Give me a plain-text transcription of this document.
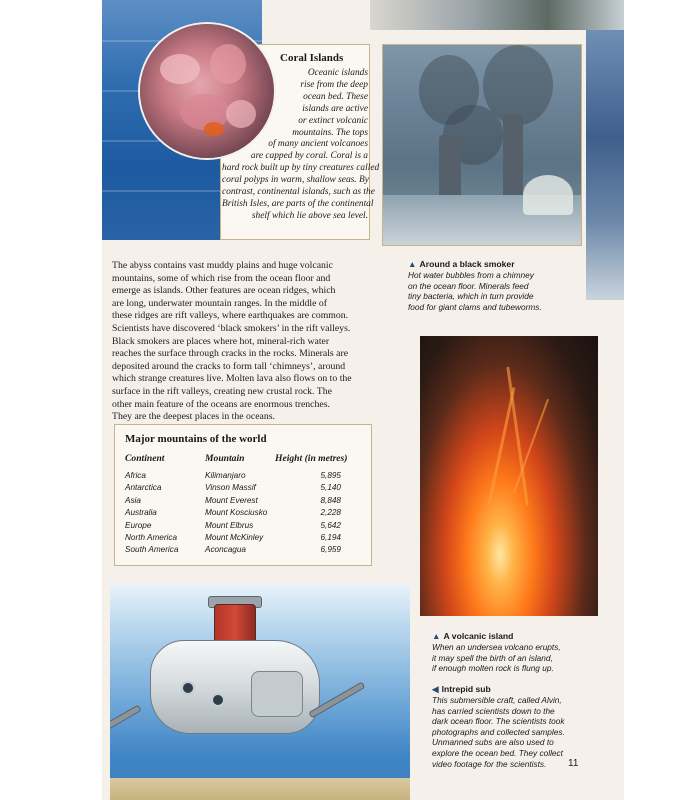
Coral Islands
Oceanic islands
rise from the deep
ocean bed. These
islands are active
or extinct volcanic
mountains. The tops
of many ancient volcanoes
are capped by coral. Coral is a
hard rock built up by tiny creatures called
coral polyps in warm, shallow seas. By
contrast, continental islands, such as the
British Isles, are parts of the continental
shelf which lie above sea level.
▲ Around a black smoker
Hot water bubbles from a chimney
on the ocean floor. Minerals feed
tiny bacteria, which in turn provide
food for giant clams and tubeworms.
The abyss contains vast muddy plains and huge volcanic
mountains, some of which rise from the ocean floor and
emerge as islands. Other features are ocean ridges, which
are long, underwater mountain ranges. In the middle of
these ridges are rift valleys, where earthquakes are common.
Scientists have discovered ‘black smokers’ in the rift valleys.
Black smokers are places where hot, mineral-rich water
reaches the surface through cracks in the rocks. Minerals are
deposited around the cracks to form tall ‘chimneys’, around
which strange creatures live. Molten lava also flows on to the
surface in the rift valleys, creating new crustal rock. The
other main feature of the oceans are enormous trenches.
They are the deepest places in the oceans.
Major mountains of the world
Continent	Mountain	Height (in metres)
Africa	Kilimanjaro	5,895
Antarctica	Vinson Massif	5,140
Asia	Mount Everest	8,848
Australia	Mount Kosciusko	2,228
Europe	Mount Elbrus	5,642
North America	Mount McKinley	6,194
South America	Aconcagua	6,959
▲ A volcanic island
When an undersea volcano erupts,
it may spell the birth of an island,
if enough molten rock is flung up.
◀ Intrepid sub
This submersible craft, called Alvin,
has carried scientists down to the
dark ocean floor. The scientists took
photographs and collected samples.
Unmanned subs are also used to
explore the ocean bed. They collect
video footage for the scientists.	11
